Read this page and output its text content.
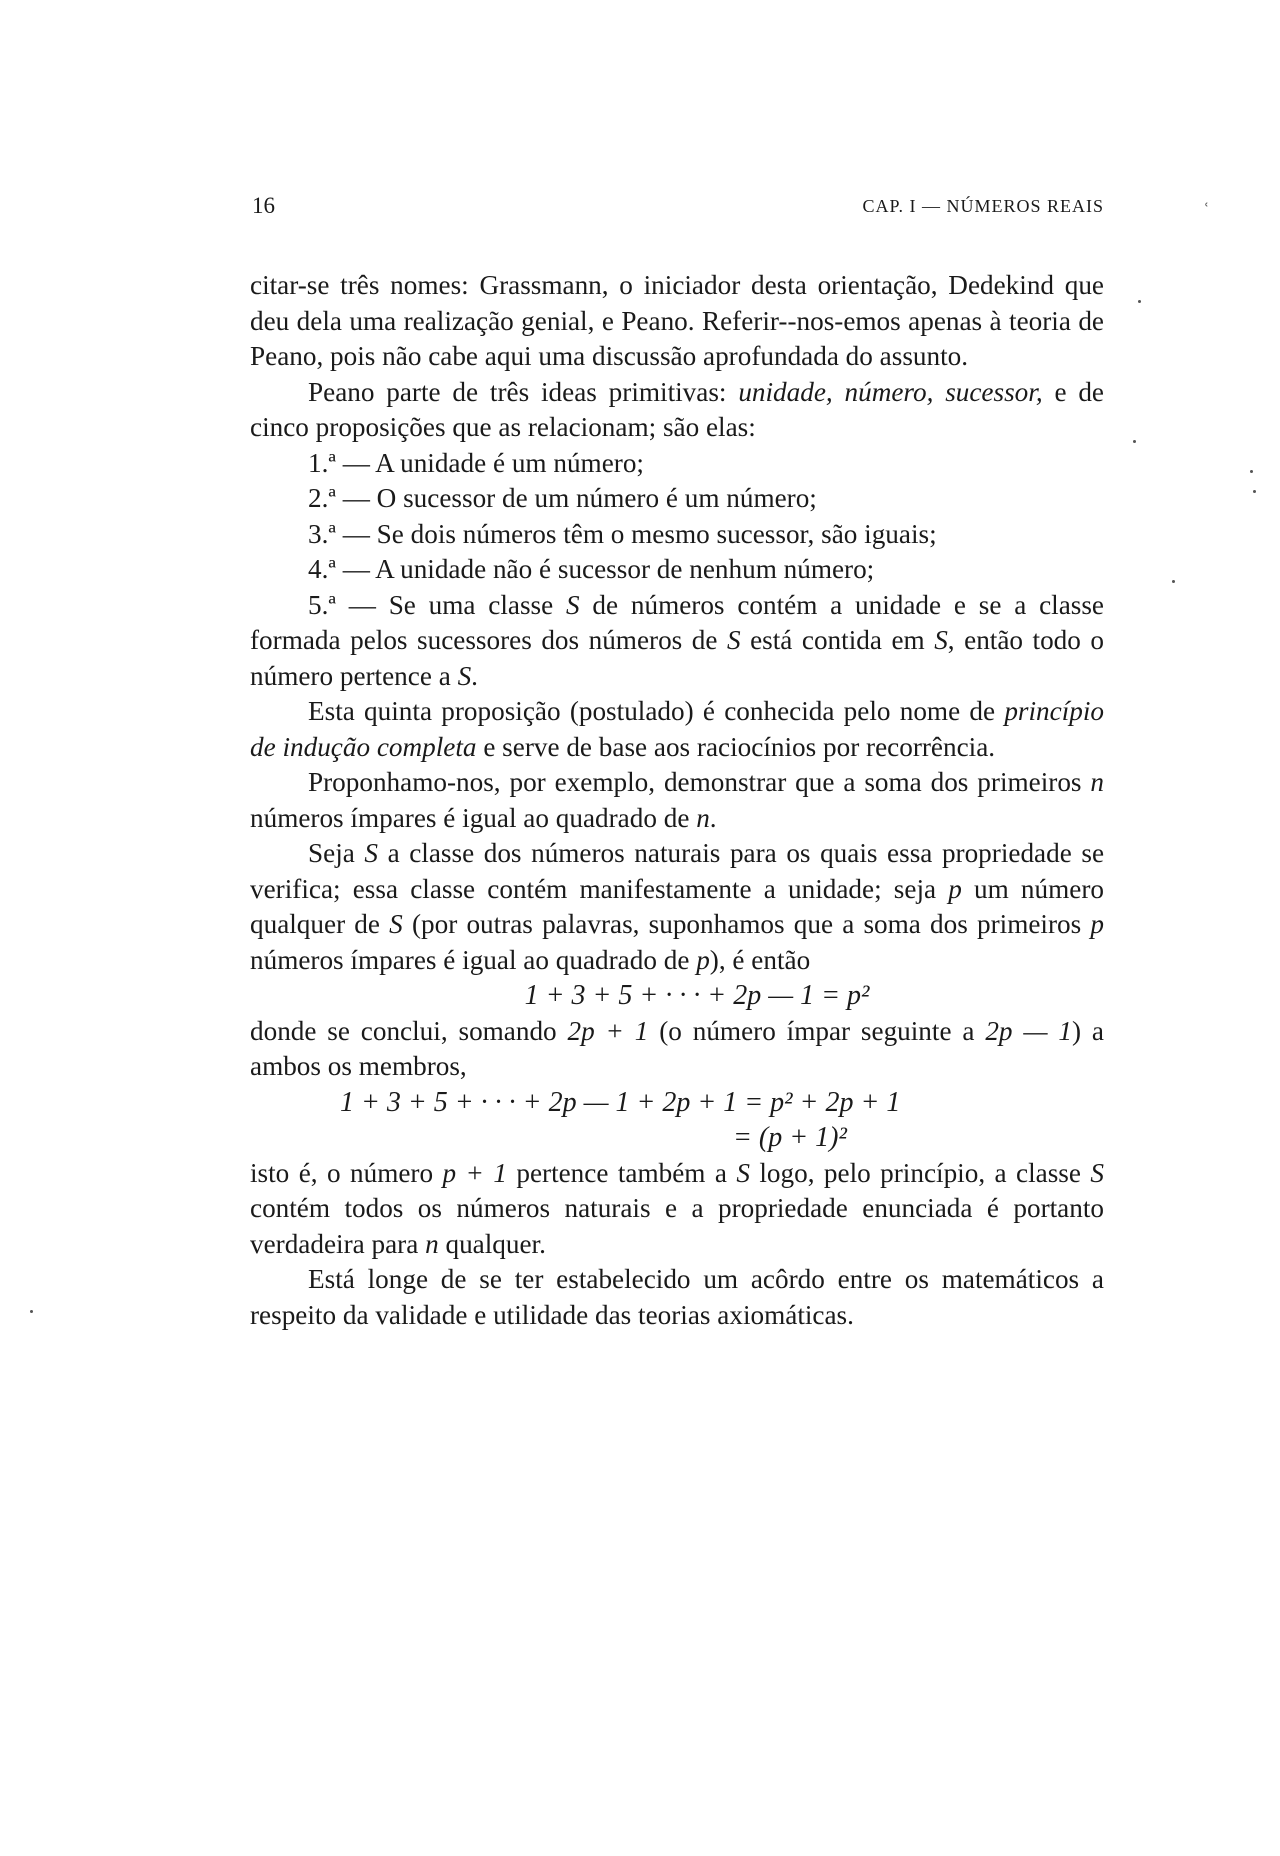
16	CAP. I — NÚMEROS REAIS

citar-se três nomes: Grassmann, o iniciador desta orientação, Dedekind que deu dela uma realização genial, e Peano. Referir--nos-emos apenas à teoria de Peano, pois não cabe aqui uma discussão aprofundada do assunto.

Peano parte de três ideas primitivas: unidade, número, sucessor, e de cinco proposições que as relacionam; são elas:

1.ª — A unidade é um número;

2.ª — O sucessor de um número é um número;

3.ª — Se dois números têm o mesmo sucessor, são iguais;

4.ª — A unidade não é sucessor de nenhum número;

5.ª — Se uma classe S de números contém a unidade e se a classe formada pelos sucessores dos números de S está contida em S, então todo o número pertence a S.

Esta quinta proposição (postulado) é conhecida pelo nome de princípio de indução completa e serve de base aos raciocínios por recorrência.

Proponhamo-nos, por exemplo, demonstrar que a soma dos primeiros n números ímpares é igual ao quadrado de n.

Seja S a classe dos números naturais para os quais essa propriedade se verifica; essa classe contém manifestamente a unidade; seja p um número qualquer de S (por outras palavras, suponhamos que a soma dos primeiros p números ímpares é igual ao quadrado de p), é então

1 + 3 + 5 + · · · + 2p — 1 = p²

donde se conclui, somando 2p + 1 (o número ímpar seguinte a 2p — 1) a ambos os membros,

1 + 3 + 5 + · · · + 2p — 1 + 2p + 1 = p² + 2p + 1

= (p + 1)²

isto é, o número p + 1 pertence também a S logo, pelo princípio, a classe S contém todos os números naturais e a propriedade enunciada é portanto verdadeira para n qualquer.

Está longe de se ter estabelecido um acôrdo entre os matemáticos a respeito da validade e utilidade das teorias axiomáticas.

ʿ
